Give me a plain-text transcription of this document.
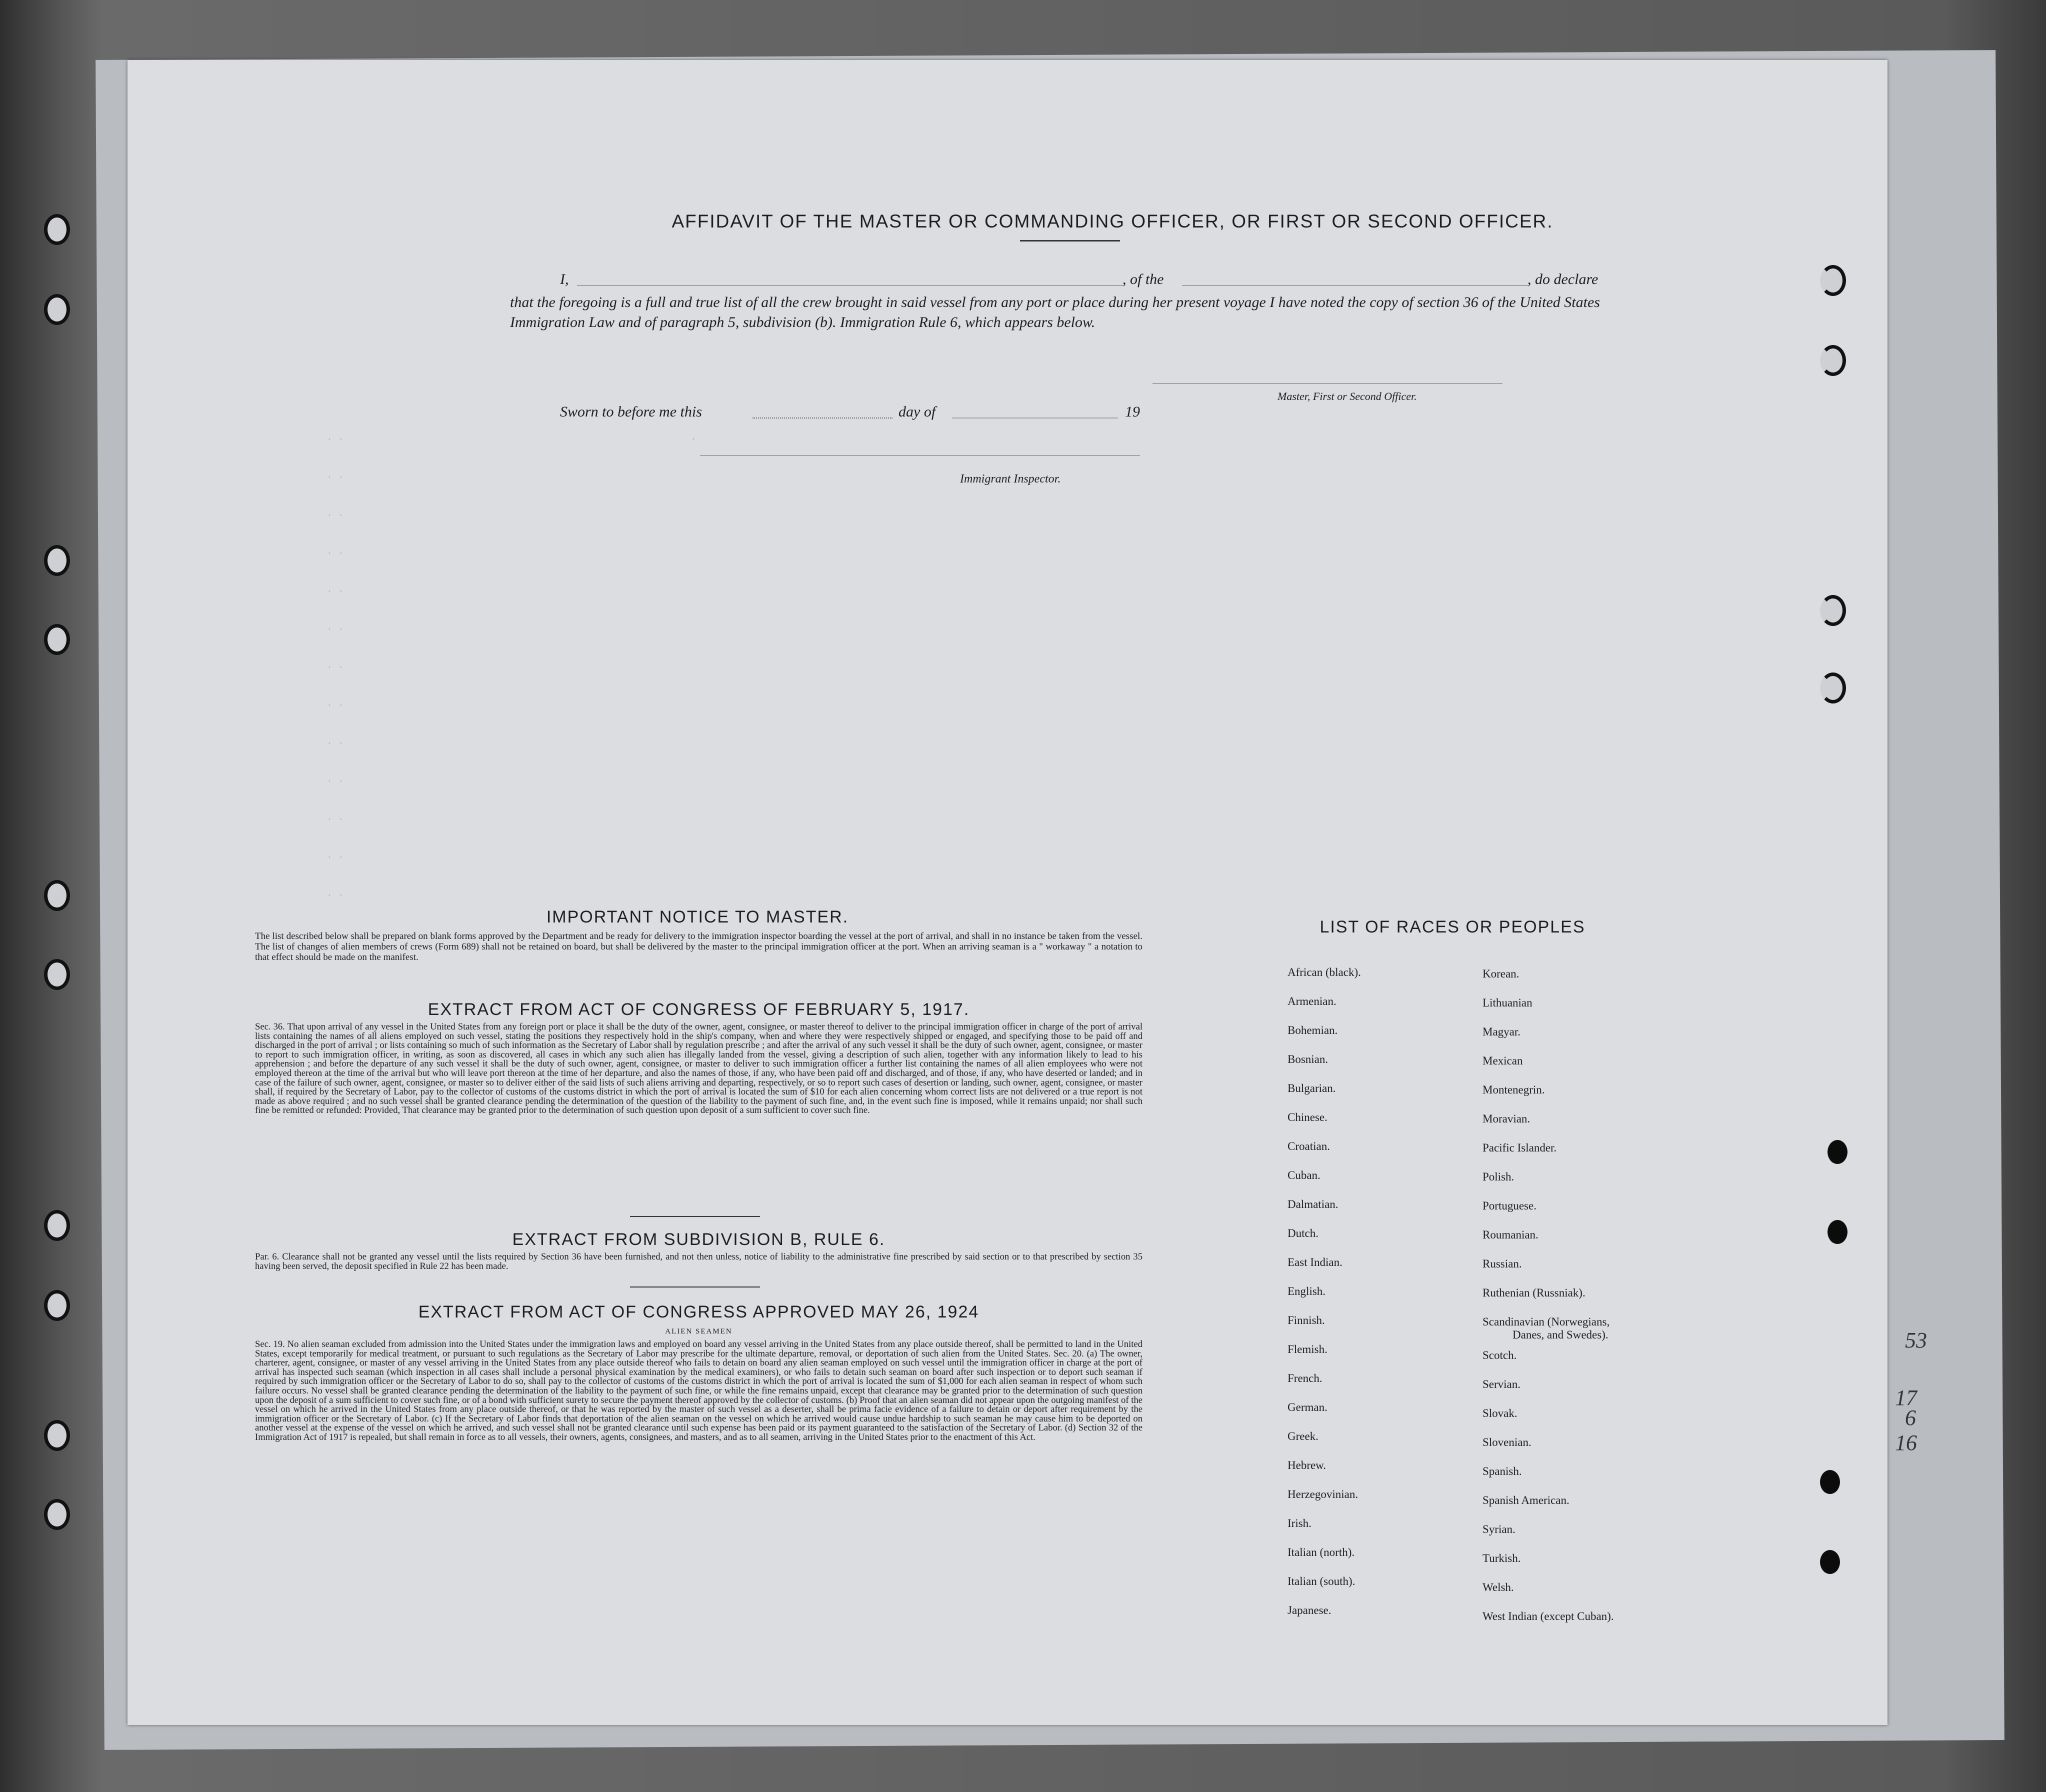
· ·                                                                 ·
· ·
· ·
· ·
· ·
· ·
· ·
· ·
· ·
· ·
· ·
· ·
· ·
AFFIDAVIT OF THE MASTER OR COMMANDING OFFICER, OR FIRST OR SECOND OFFICER.
I,	, of the	, do declare
that the foregoing is a full and true list of all the crew brought in said vessel from any port or place during her present voyage I have noted the copy of section 36 of the United States Immigration Law and of paragraph 5, subdivision (b). Immigration Rule 6, which appears below.
Master, First or Second Officer.
Sworn to before me this	day of	19
Immigrant Inspector.
IMPORTANT NOTICE TO MASTER.
The list described below shall be prepared on blank forms approved by the Department and be ready for delivery to the immigration inspector boarding the vessel at the port of arrival, and shall in no instance be taken from the vessel. The list of changes of alien members of crews (Form 689) shall not be retained on board, but shall be delivered by the master to the principal immigration officer at the port. When an arriving seaman is a " workaway " a notation to that effect should be made on the manifest.
EXTRACT FROM ACT OF CONGRESS OF FEBRUARY 5, 1917.
Sec. 36. That upon arrival of any vessel in the United States from any foreign port or place it shall be the duty of the owner, agent, consignee, or master thereof to deliver to the principal immigration officer in charge of the port of arrival lists containing the names of all aliens employed on such vessel, stating the positions they respectively hold in the ship's company, when and where they were respectively shipped or engaged, and specifying those to be paid off and discharged in the port of arrival ; or lists containing so much of such information as the Secretary of Labor shall by regulation prescribe ; and after the arrival of any such vessel it shall be the duty of such owner, agent, consignee, or master to report to such immigration officer, in writing, as soon as discovered, all cases in which any such alien has illegally landed from the vessel, giving a description of such alien, together with any information likely to lead to his apprehension ; and before the departure of any such vessel it shall be the duty of such owner, agent, consignee, or master to deliver to such immigration officer a further list containing the names of all alien employees who were not employed thereon at the time of the arrival but who will leave port thereon at the time of her departure, and also the names of those, if any, who have been paid off and discharged, and of those, if any, who have deserted or landed; and in case of the failure of such owner, agent, consignee, or master so to deliver either of the said lists of such aliens arriving and departing, respectively, or so to report such cases of desertion or landing, such owner, agent, consignee, or master shall, if required by the Secretary of Labor, pay to the collector of customs of the customs district in which the port of arrival is located the sum of $10 for each alien concerning whom correct lists are not delivered or a true report is not made as above required ; and no such vessel shall be granted clearance pending the determination of the question of the liability to the payment of such fine, and, in the event such fine is imposed, while it remains unpaid; nor shall such fine be remitted or refunded: Provided, That clearance may be granted prior to the determination of such question upon deposit of a sum sufficient to cover such fine.
EXTRACT FROM SUBDIVISION B, RULE 6.
Par. 6. Clearance shall not be granted any vessel until the lists required by Section 36 have been furnished, and not then unless, notice of liability to the administrative fine prescribed by said section or to that prescribed by section 35 having been served, the deposit specified in Rule 22 has been made.
EXTRACT FROM ACT OF CONGRESS APPROVED MAY 26, 1924
ALIEN SEAMEN
Sec. 19. No alien seaman excluded from admission into the United States under the immigration laws and employed on board any vessel arriving in the United States from any place outside thereof, shall be permitted to land in the United States, except temporarily for medical treatment, or pursuant to such regulations as the Secretary of Labor may prescribe for the ultimate departure, removal, or deportation of such alien from the United States. Sec. 20. (a) The owner, charterer, agent, consignee, or master of any vessel arriving in the United States from any place outside thereof who fails to detain on board any alien seaman employed on such vessel until the immigration officer in charge at the port of arrival has inspected such seaman (which inspection in all cases shall include a personal physical examination by the medical examiners), or who fails to detain such seaman on board after such inspection or to deport such seaman if required by such immigration officer or the Secretary of Labor to do so, shall pay to the collector of customs of the customs district in which the port of arrival is located the sum of $1,000 for each alien seaman in respect of whom such failure occurs. No vessel shall be granted clearance pending the determination of the liability to the payment of such fine, or while the fine remains unpaid, except that clearance may be granted prior to the determination of such question upon the deposit of a sum sufficient to cover such fine, or of a bond with sufficient surety to secure the payment thereof approved by the collector of customs. (b) Proof that an alien seaman did not appear upon the outgoing manifest of the vessel on which he arrived in the United States from any place outside thereof, or that he was reported by the master of such vessel as a deserter, shall be prima facie evidence of a failure to detain or deport after requirement by the immigration officer or the Secretary of Labor. (c) If the Secretary of Labor finds that deportation of the alien seaman on the vessel on which he arrived would cause undue hardship to such seaman he may cause him to be deported on another vessel at the expense of the vessel on which he arrived, and such vessel shall not be granted clearance until such expense has been paid or its payment guaranteed to the satisfaction of the Secretary of Labor. (d) Section 32 of the Immigration Act of 1917 is repealed, but shall remain in force as to all vessels, their owners, agents, consignees, and masters, and as to all seamen, arriving in the United States prior to the enactment of this Act.
LIST OF RACES OR PEOPLES
African (black).
Armenian.
Bohemian.
Bosnian.
Bulgarian.
Chinese.
Croatian.
Cuban.
Dalmatian.
Dutch.
East Indian.
English.
Finnish.
Flemish.
French.
German.
Greek.
Hebrew.
Herzegovinian.
Irish.
Italian (north).
Italian (south).
Japanese.
Korean.
Lithuanian
Magyar.
Mexican
Montenegrin.
Moravian.
Pacific Islander.
Polish.
Portuguese.
Roumanian.
Russian.
Ruthenian (Russniak).
Scandinavian (Norwegians,
Danes, and Swedes).
Scotch.
Servian.
Slovak.
Slovenian.
Spanish.
Spanish American.
Syrian.
Turkish.
Welsh.
West Indian (except Cuban).
53
17
6
16
